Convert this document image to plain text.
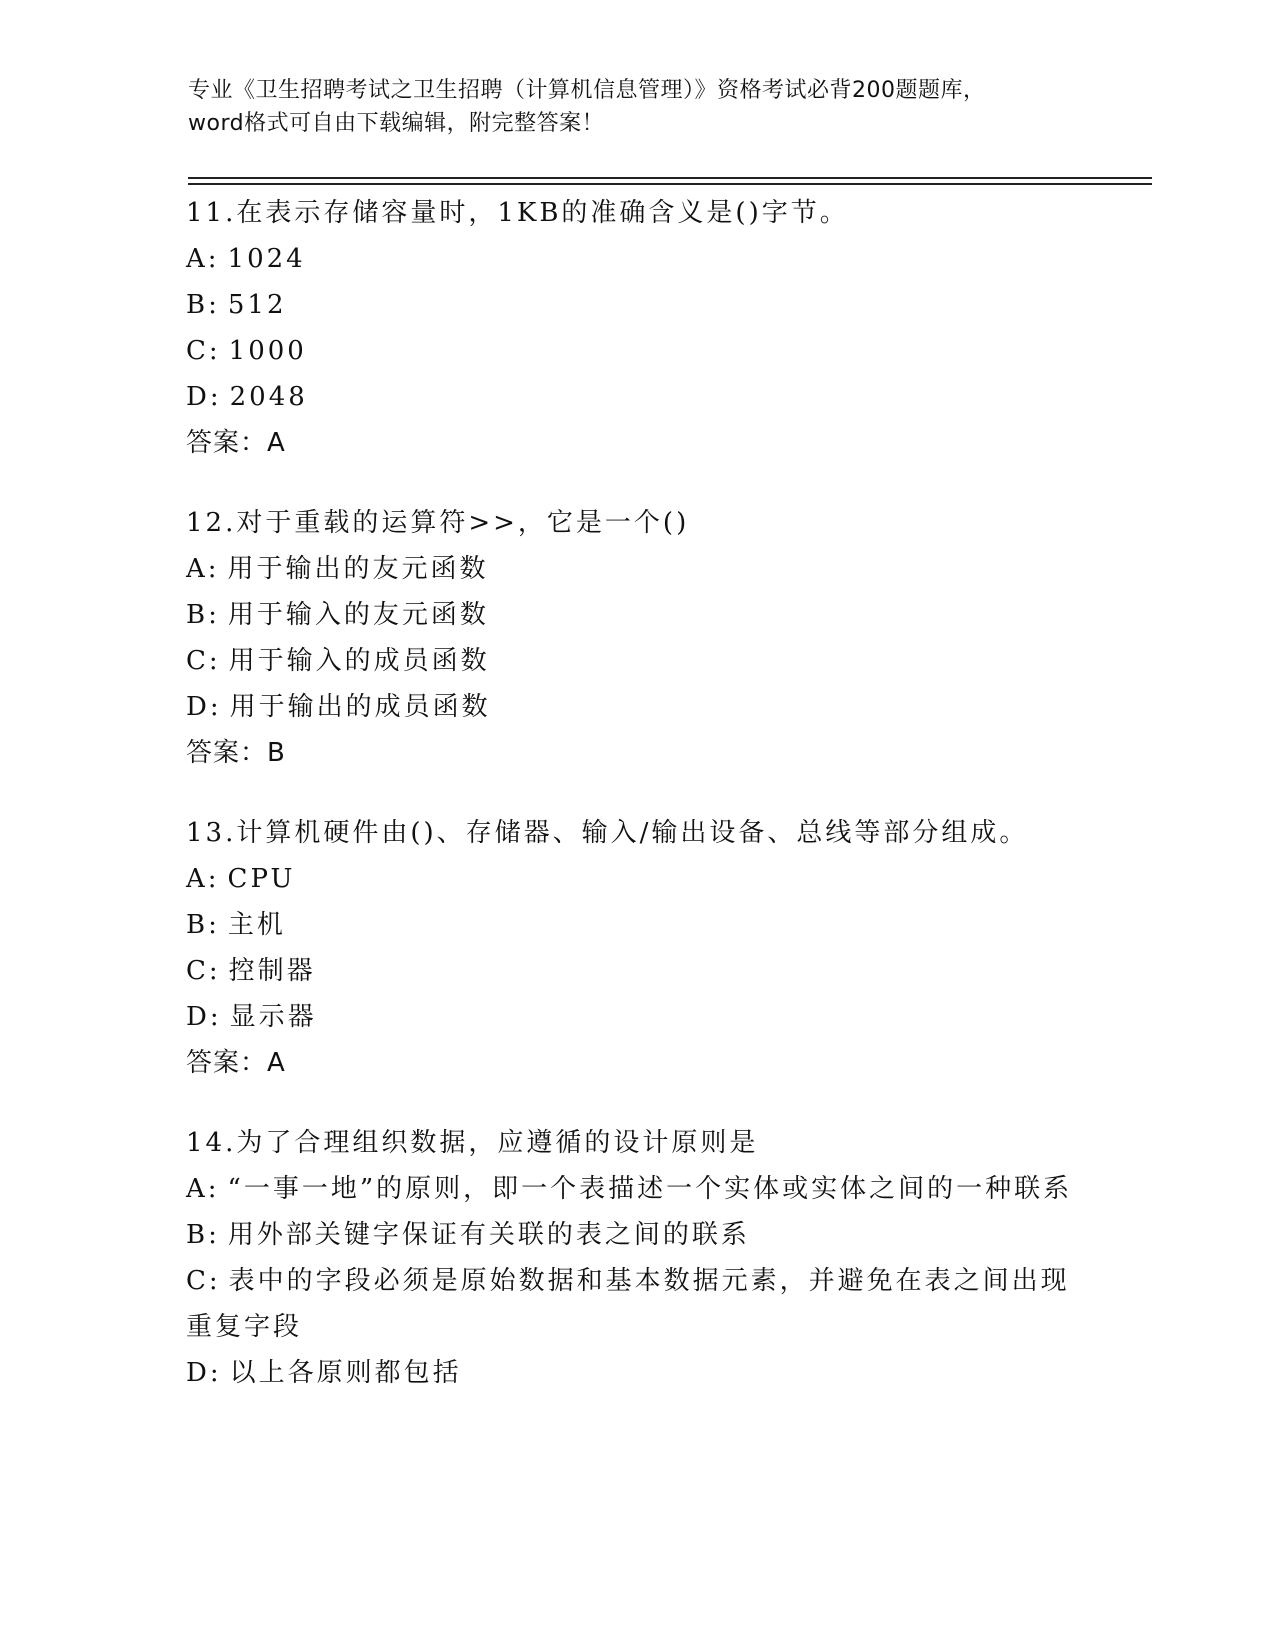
专业《卫生招聘考试之卫生招聘（计算机信息管理）》资格考试必背200题题库，
word格式可自由下载编辑，附完整答案！
11.在表示存储容量时，1KB的准确含义是()字节。
A: 1024
B: 512
C: 1000
D: 2048
答案：A
12.对于重载的运算符>>，它是一个()
A: 用于输出的友元函数
B: 用于输入的友元函数
C: 用于输入的成员函数
D: 用于输出的成员函数
答案：B
13.计算机硬件由()、存储器、输入/输出设备、总线等部分组成。
A: CPU
B: 主机
C: 控制器
D: 显示器
答案：A
14.为了合理组织数据，应遵循的设计原则是
A: “一事一地”的原则，即一个表描述一个实体或实体之间的一种联系
B: 用外部关键字保证有关联的表之间的联系
C: 表中的字段必须是原始数据和基本数据元素，并避免在表之间出现重复字段
D: 以上各原则都包括
